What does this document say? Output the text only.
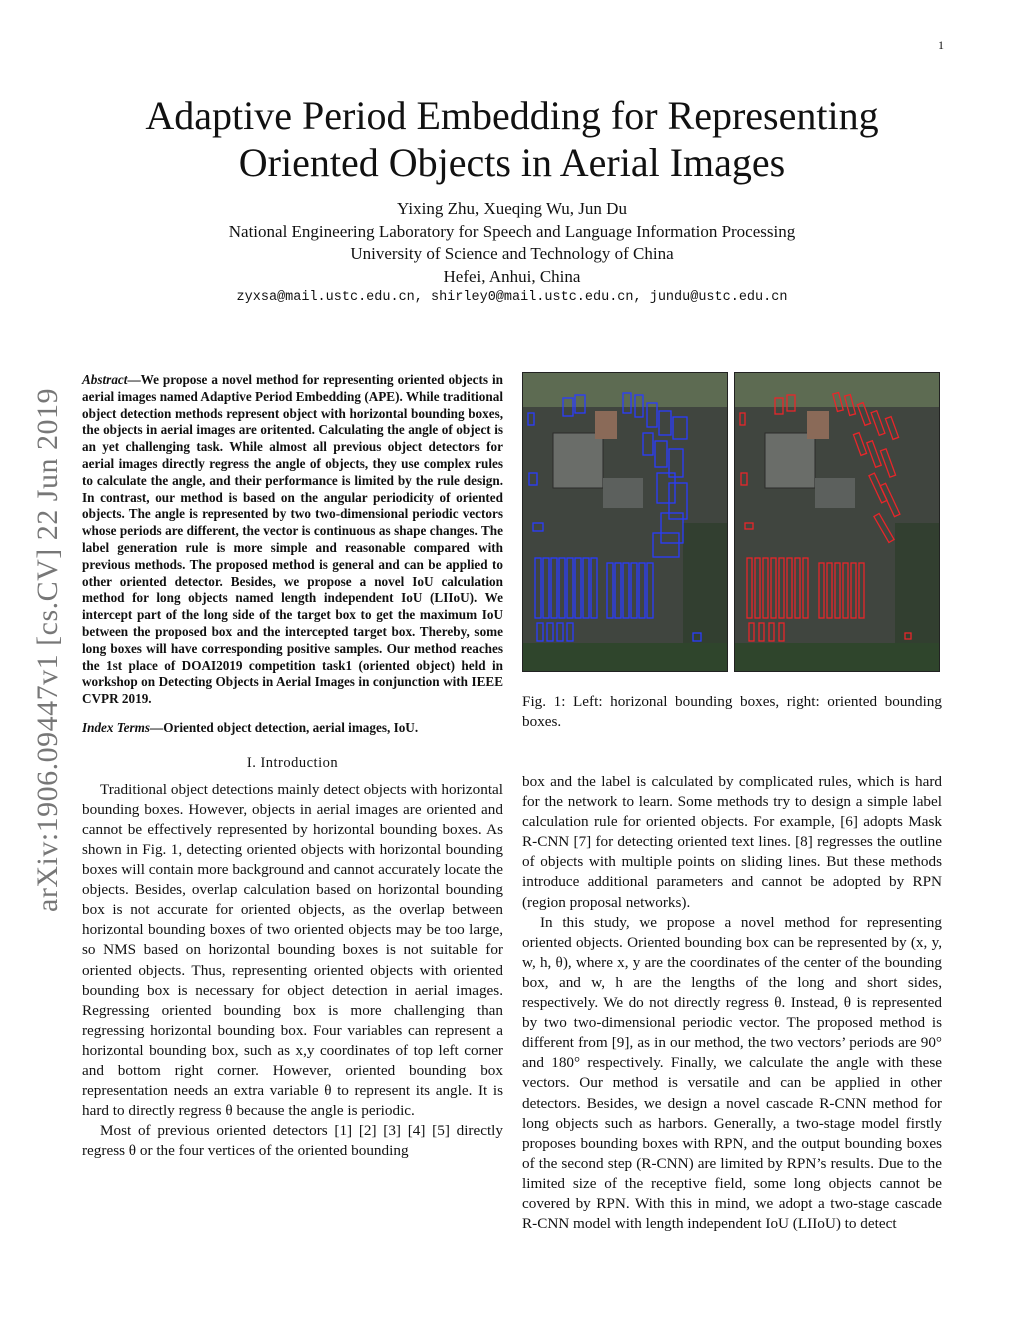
1
arXiv:1906.09447v1 [cs.CV] 22 Jun 2019
Adaptive Period Embedding for Representing
Oriented Objects in Aerial Images
Yixing Zhu, Xueqing Wu, Jun Du
National Engineering Laboratory for Speech and Language Information Processing
University of Science and Technology of China
Hefei, Anhui, China
zyxsa@mail.ustc.edu.cn, shirley0@mail.ustc.edu.cn, jundu@ustc.edu.cn

Abstract—We propose a novel method for representing oriented objects in aerial images named Adaptive Period Embedding (APE). While traditional object detection methods represent object with horizontal bounding boxes, the objects in aerial images are oritented. Calculating the angle of object is an yet challenging task. While almost all previous object detectors for aerial images directly regress the angle of objects, they use complex rules to calculate the angle, and their performance is limited by the rule design. In contrast, our method is based on the angular periodicity of oriented objects. The angle is represented by two two-dimensional periodic vectors whose periods are different, the vector is continuous as shape changes. The label generation rule is more simple and reasonable compared with previous methods. The proposed method is general and can be applied to other oriented detector. Besides, we propose a novel IoU calculation method for long objects named length independent IoU (LIIoU). We intercept part of the long side of the target box to get the maximum IoU between the proposed box and the intercepted target box. Thereby, some long boxes will have corresponding positive samples. Our method reaches the 1st place of DOAI2019 competition task1 (oriented object) held in workshop on Detecting Objects in Aerial Images in conjunction with IEEE CVPR 2019.

Index Terms—Oriented object detection, aerial images, IoU.

I. Introduction

Traditional object detections mainly detect objects with horizontal bounding boxes. However, objects in aerial images are oriented and cannot be effectively represented by horizontal bounding boxes. As shown in Fig. 1, detecting oriented objects with horizontal bounding boxes will contain more background and cannot accurately locate the objects. Besides, overlap calculation based on horizontal bounding box is not accurate for oriented objects, as the overlap between horizontal bounding boxes of two oriented objects may be too large, so NMS based on horizontal bounding boxes is not suitable for oriented objects. Thus, representing oriented objects with oriented bounding box is necessary for object detection in aerial images. Regressing oriented bounding box is more challenging than regressing horizontal bounding box. Four variables can represent a horizontal bounding box, such as x,y coordinates of top left corner and bottom right corner. However, oriented bounding box representation needs an extra variable θ to represent its angle. It is hard to directly regress θ because the angle is periodic.

Most of previous oriented detectors [1] [2] [3] [4] [5] directly regress θ or the four vertices of the oriented bounding

Fig. 1: Left: horizonal bounding boxes, right: oriented bounding boxes.

box and the label is calculated by complicated rules, which is hard for the network to learn. Some methods try to design a simple label calculation rule for oriented objects. For example, [6] adopts Mask R-CNN [7] for detecting oriented text lines. [8] regresses the outline of objects with multiple points on sliding lines. But these methods introduce additional parameters and cannot be adopted by RPN (region proposal networks).

In this study, we propose a novel method for representing oriented objects. Oriented bounding box can be represented by (x, y, w, h, θ), where x, y are the coordinates of the center of the bounding box, and w, h are the lengths of the long and short sides, respectively. We do not directly regress θ. Instead, θ is represented by two two-dimensional periodic vector. The proposed method is different from [9], as in our method, the two vectors’ periods are 90° and 180° respectively. Finally, we calculate the angle with these vectors. Our method is versatile and can be applied in other detectors. Besides, we design a novel cascade R-CNN method for long objects such as harbors. Generally, a two-stage model firstly proposes bounding boxes with RPN, and the output bounding boxes of the second step (R-CNN) are limited by RPN’s results. Due to the limited size of the receptive field, some long objects cannot be covered by RPN. With this in mind, we adopt a two-stage cascade R-CNN model with length independent IoU (LIIoU) to detect
